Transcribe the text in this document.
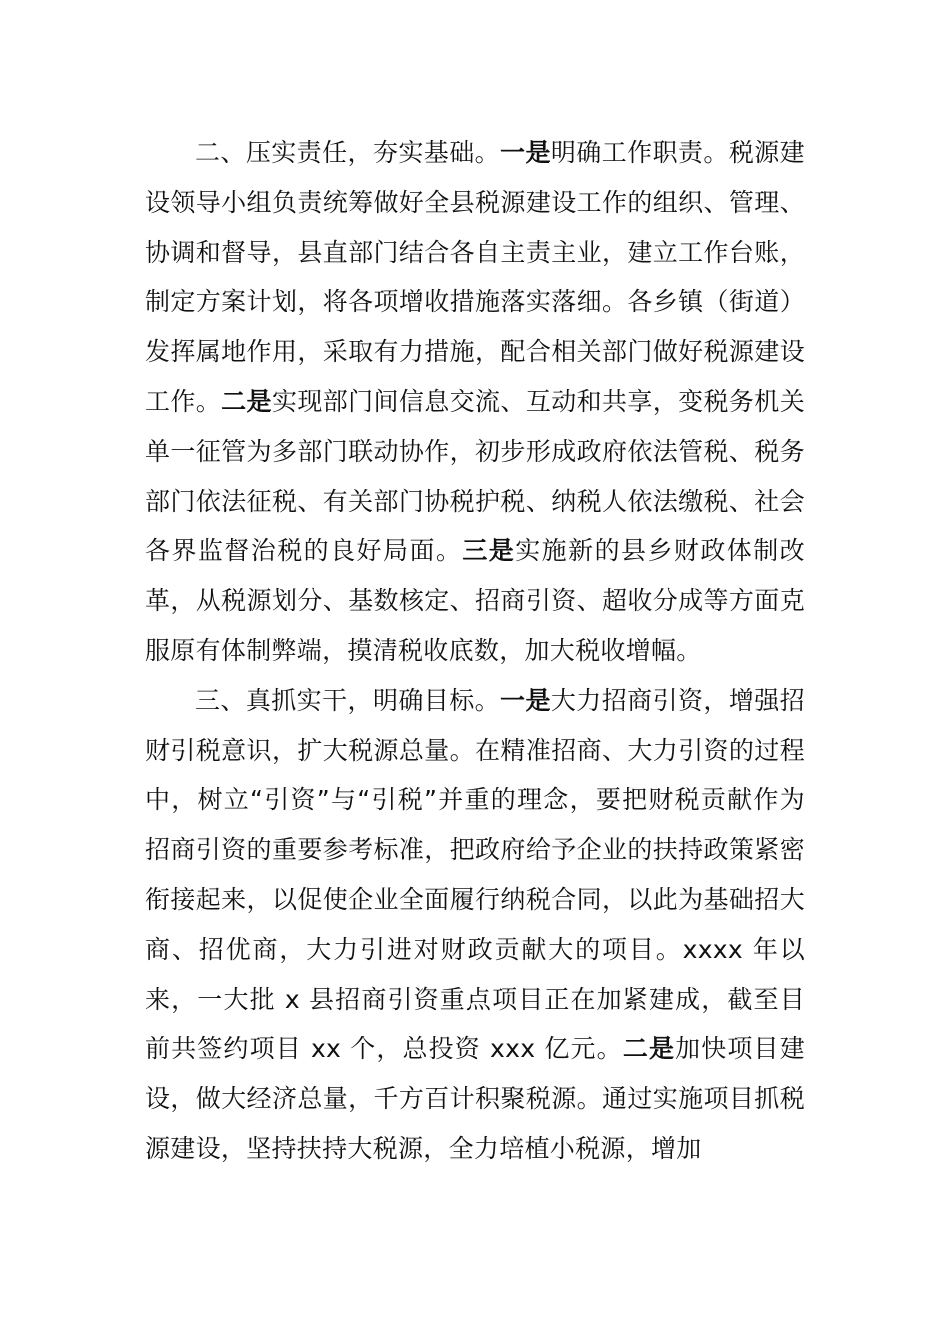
二、压实责任，夯实基础。一是明确工作职责。税源建设领导小组负责统筹做好全县税源建设工作的组织、管理、协调和督导，县直部门结合各自主责主业，建立工作台账，制定方案计划，将各项增收措施落实落细。各乡镇（街道）发挥属地作用，采取有力措施，配合相关部门做好税源建设工作。二是实现部门间信息交流、互动和共享，变税务机关单一征管为多部门联动协作，初步形成政府依法管税、税务部门依法征税、有关部门协税护税、纳税人依法缴税、社会各界监督治税的良好局面。三是实施新的县乡财政体制改革，从税源划分、基数核定、招商引资、超收分成等方面克服原有体制弊端，摸清税收底数，加大税收增幅。

三、真抓实干，明确目标。一是大力招商引资，增强招财引税意识，扩大税源总量。在精准招商、大力引资的过程中，树立“引资”与“引税”并重的理念，要把财税贡献作为招商引资的重要参考标准，把政府给予企业的扶持政策紧密衔接起来，以促使企业全面履行纳税合同，以此为基础招大商、招优商，大力引进对财政贡献大的项目。xxxx 年以来，一大批 x 县招商引资重点项目正在加紧建成，截至目前共签约项目 xx 个，总投资 xxx 亿元。二是加快项目建设，做大经济总量，千方百计积聚税源。通过实施项目抓税源建设，坚持扶持大税源，全力培植小税源，增加
